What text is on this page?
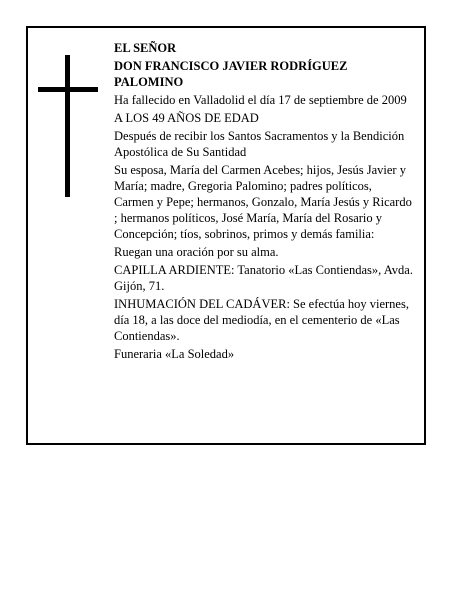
EL SEÑOR

DON FRANCISCO JAVIER RODRÍGUEZ PALOMINO

Ha fallecido en Valladolid el día 17 de septiembre de 2009

A LOS 49 AÑOS DE EDAD

Después de recibir los Santos Sacramentos y la Bendición Apostólica de Su Santidad

Su esposa, María del Carmen Acebes; hijos, Jesús Javier y María; madre, Gregoria Palomino; padres políticos, Carmen y Pepe; hermanos, Gonzalo, María Jesús y Ricardo ; hermanos políticos, José María, María del Rosario y Concepción; tíos, sobrinos, primos y demás familia:

Ruegan una oración por su alma.

CAPILLA ARDIENTE: Tanatorio «Las Contiendas», Avda. Gijón, 71.

INHUMACIÓN DEL CADÁVER: Se efectúa hoy viernes, día 18, a las doce del mediodía, en el cementerio de «Las Contiendas».

Funeraria «La Soledad»
